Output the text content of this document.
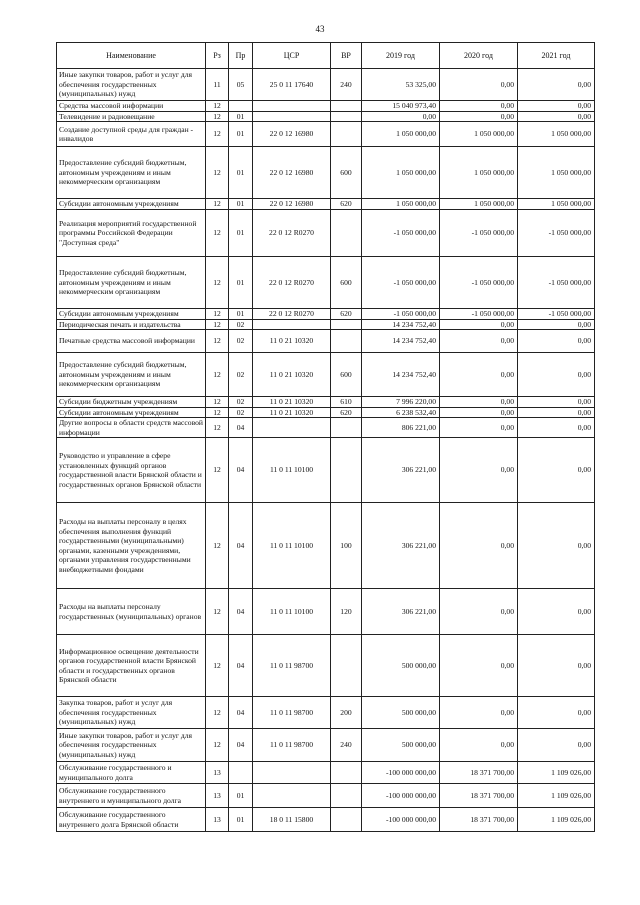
43
Наименование	Рз	Пр	ЦСР	ВР	2019 год	2020 год	2021 год
Иные закупки товаров, работ и услуг для обеспечения государственных (муниципальных) нужд	11	05	25 0 11 17640	240	53 325,00	0,00	0,00
Средства массовой информации	12				15 040 973,40	0,00	0,00
Телевидение и радиовещание	12	01			0,00	0,00	0,00
Создание доступной среды для граждан - инвалидов	12	01	22 0 12 16980		1 050 000,00	1 050 000,00	1 050 000,00
Предоставление субсидий бюджетным, автономным учреждениям и иным некоммерческим организациям	12	01	22 0 12 16980	600	1 050 000,00	1 050 000,00	1 050 000,00
Субсидии автономным учреждениям	12	01	22 0 12 16980	620	1 050 000,00	1 050 000,00	1 050 000,00
Реализация мероприятий государственной программы Российской Федерации "Доступная среда"	12	01	22 0 12 R0270		-1 050 000,00	-1 050 000,00	-1 050 000,00
Предоставление субсидий бюджетным, автономным учреждениям и иным некоммерческим организациям	12	01	22 0 12 R0270	600	-1 050 000,00	-1 050 000,00	-1 050 000,00
Субсидии автономным учреждениям	12	01	22 0 12 R0270	620	-1 050 000,00	-1 050 000,00	-1 050 000,00
Периодическая печать и издательства	12	02			14 234 752,40	0,00	0,00
Печатные средства массовой информации	12	02	11 0 21 10320		14 234 752,40	0,00	0,00
Предоставление субсидий бюджетным, автономным учреждениям и иным некоммерческим организациям	12	02	11 0 21 10320	600	14 234 752,40	0,00	0,00
Субсидии бюджетным учреждениям	12	02	11 0 21 10320	610	7 996 220,00	0,00	0,00
Субсидии автономным учреждениям	12	02	11 0 21 10320	620	6 238 532,40	0,00	0,00
Другие вопросы в области средств массовой информации	12	04			806 221,00	0,00	0,00
Руководство и управление в сфере установленных функций органов государственной власти Брянской области и государственных органов Брянской области	12	04	11 0 11 10100		306 221,00	0,00	0,00
Расходы на выплаты персоналу в целях обеспечения выполнения функций государственными (муниципальными) органами, казенными учреждениями, органами управления государственными внебюджетными фондами	12	04	11 0 11 10100	100	306 221,00	0,00	0,00
Расходы на выплаты персоналу государственных (муниципальных) органов	12	04	11 0 11 10100	120	306 221,00	0,00	0,00
Информационное освещение деятельности органов государственной власти Брянской области и государственных органов Брянской области	12	04	11 0 11 98700		500 000,00	0,00	0,00
Закупка товаров, работ и услуг для обеспечения государственных (муниципальных) нужд	12	04	11 0 11 98700	200	500 000,00	0,00	0,00
Иные закупки товаров, работ и услуг для обеспечения государственных (муниципальных) нужд	12	04	11 0 11 98700	240	500 000,00	0,00	0,00
Обслуживание государственного и муниципального долга	13				-100 000 000,00	18 371 700,00	1 109 026,00
Обслуживание государственного внутреннего и муниципального долга	13	01			-100 000 000,00	18 371 700,00	1 109 026,00
Обслуживание государственного внутреннего долга Брянской области	13	01	18 0 11 15800		-100 000 000,00	18 371 700,00	1 109 026,00
